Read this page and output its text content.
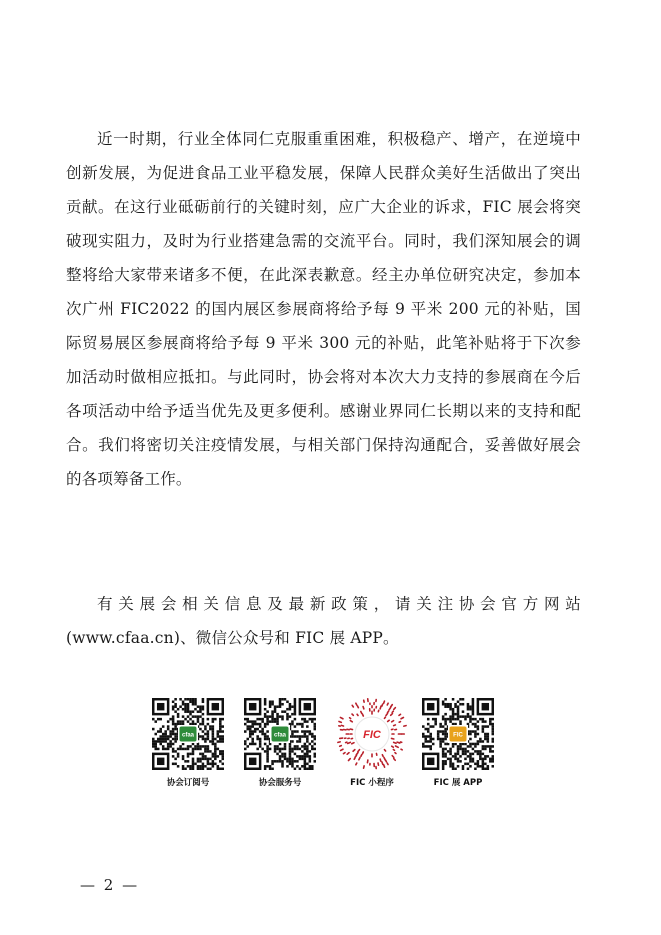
近一时期，行业全体同仁克服重重困难，积极稳产、增产，在逆境中创新发展，为促进食品工业平稳发展，保障人民群众美好生活做出了突出贡献。在这行业砥砺前行的关键时刻，应广大企业的诉求，FIC 展会将突破现实阻力，及时为行业搭建急需的交流平台。同时，我们深知展会的调整将给大家带来诸多不便，在此深表歉意。经主办单位研究决定，参加本次广州 FIC2022 的国内展区参展商将给予每 9 平米 200 元的补贴，国际贸易展区参展商将给予每 9 平米 300 元的补贴，此笔补贴将于下次参加活动时做相应抵扣。与此同时，协会将对本次大力支持的参展商在今后各项活动中给予适当优先及更多便利。感谢业界同仁长期以来的支持和配合。我们将密切关注疫情发展，与相关部门保持沟通配合，妥善做好展会的各项筹备工作。

有关展会相关信息及最新政策，请关注协会官方网站 (www.cfaa.cn)、微信公众号和 FIC 展 APP。

cfaa
协会订阅号
cfaa
协会服务号
FIC
FIC 小程序
FIC
FIC 展 APP
— 2 —
